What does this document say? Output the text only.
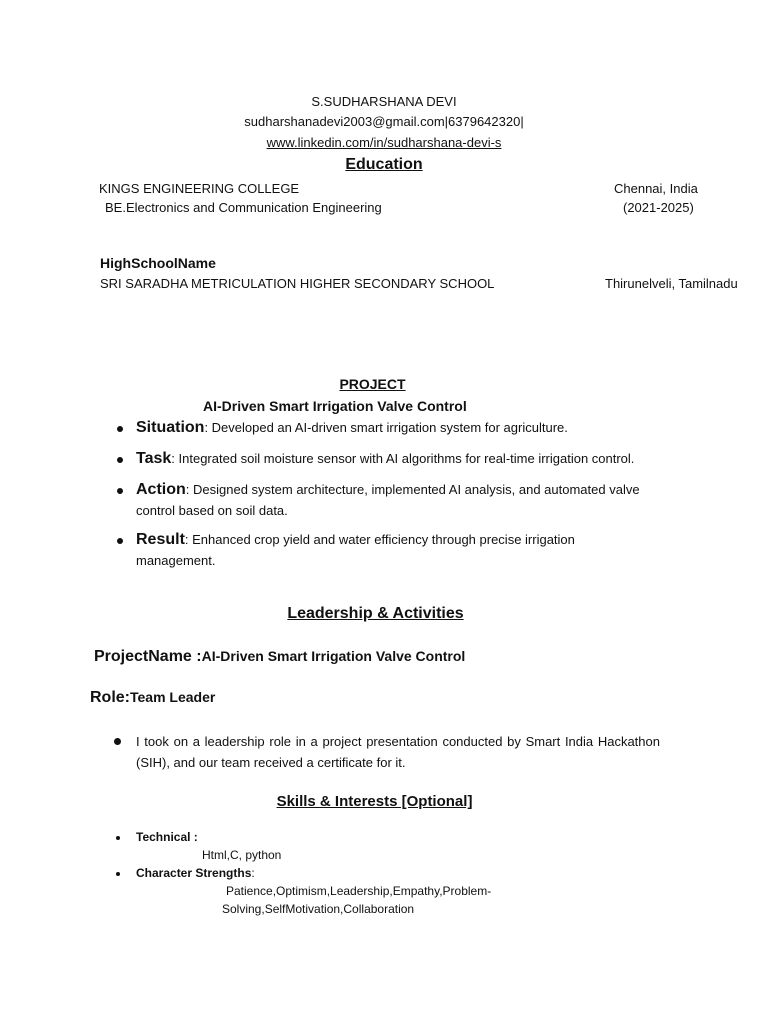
S.SUDHARSHANA DEVI
sudharshanadevi2003@gmail.com|6379642320|
www.linkedin.com/in/sudharshana-devi-s
Education
KINGS ENGINEERING COLLEGE	Chennai, India
BE.Electronics and Communication Engineering	(2021-2025)
HighSchoolName
SRI SARADHA METRICULATION HIGHER SECONDARY SCHOOL	Thirunelveli, Tamilnadu
PROJECT
AI-Driven Smart Irrigation Valve Control
Situation: Developed an AI-driven smart irrigation system for agriculture.
Task: Integrated soil moisture sensor with AI algorithms for real-time irrigation control.
Action: Designed system architecture, implemented AI analysis, and automated valve control based on soil data.
Result: Enhanced crop yield and water efficiency through precise irrigation management.
Leadership & Activities
ProjectName :AI-Driven Smart Irrigation Valve Control
Role:Team Leader
I took on a leadership role in a project presentation conducted by Smart India Hackathon (SIH), and our team received a certificate for it.
Skills & Interests [Optional]
Technical :
Html,C, python
Character Strengths:
Patience,Optimism,Leadership,Empathy,Problem-
Solving,SelfMotivation,Collaboration
